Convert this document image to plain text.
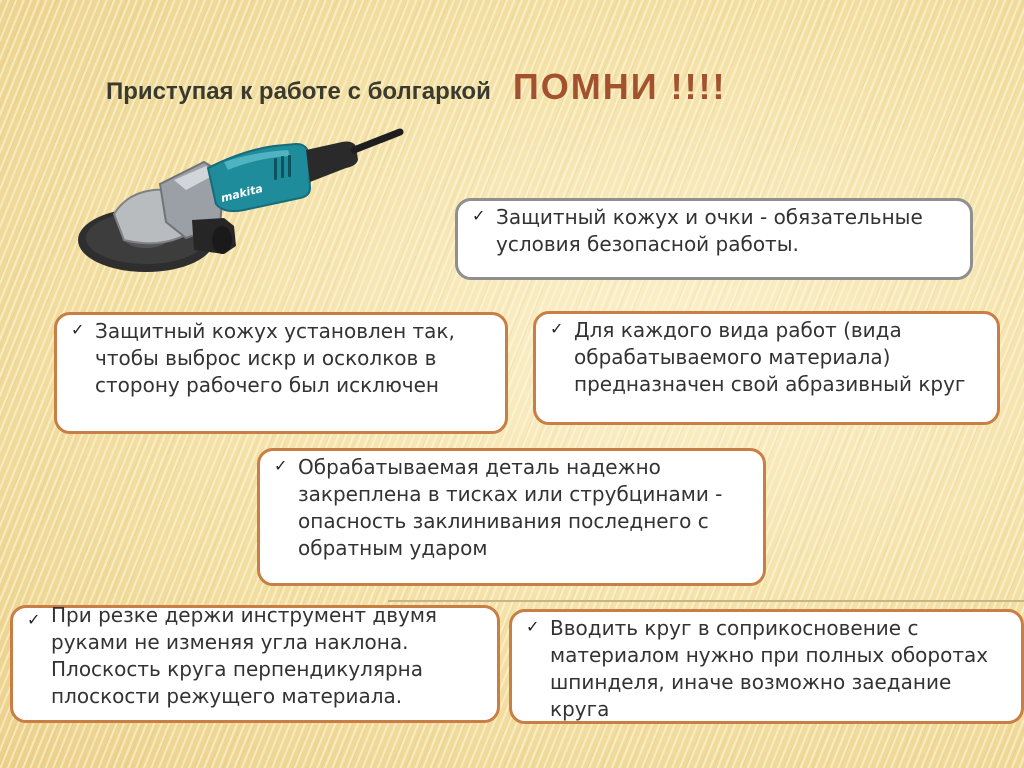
Приступая к работе с болгаркой ПОМНИ !!!!
makita
✓ Защитный кожух и очки - обязательные условия безопасной работы.
✓ Защитный кожух установлен так, чтобы выброс искр и осколков в сторону рабочего был исключен
✓ Для каждого вида работ (вида обрабатываемого материала) предназначен свой абразивный круг
✓ Обрабатываемая деталь надежно закреплена в тисках или струбцинами - опасность заклинивания последнего с обратным ударом
✓ При резке держи инструмент двумя руками не изменяя угла наклона. Плоскость круга перпендикулярна плоскости режущего материала.
✓ Вводить круг в соприкосновение с материалом нужно при полных оборотах шпинделя, иначе возможно заедание круга
